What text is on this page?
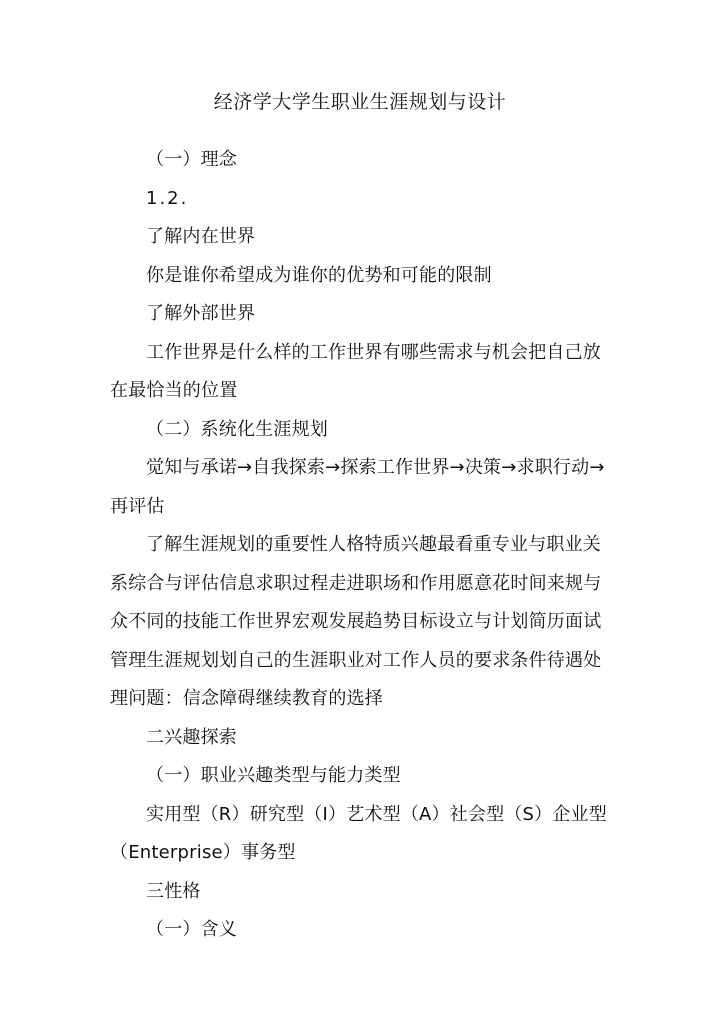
经济学大学生职业生涯规划与设计

（一）理念

1.2.

了解内在世界

你是谁你希望成为谁你的优势和可能的限制

了解外部世界

工作世界是什么样的工作世界有哪些需求与机会把自己放在最恰当的位置

（二）系统化生涯规划

觉知与承诺→自我探索→探索工作世界→决策→求职行动→再评估

了解生涯规划的重要性人格特质兴趣最看重专业与职业关系综合与评估信息求职过程走进职场和作用愿意花时间来规与众不同的技能工作世界宏观发展趋势目标设立与计划简历面试管理生涯规划划自己的生涯职业对工作人员的要求条件待遇处理问题：信念障碍继续教育的选择

二兴趣探索

（一）职业兴趣类型与能力类型

实用型（R）研究型（I）艺术型（A）社会型（S）企业型（Enterprise）事务型

三性格

（一）含义
